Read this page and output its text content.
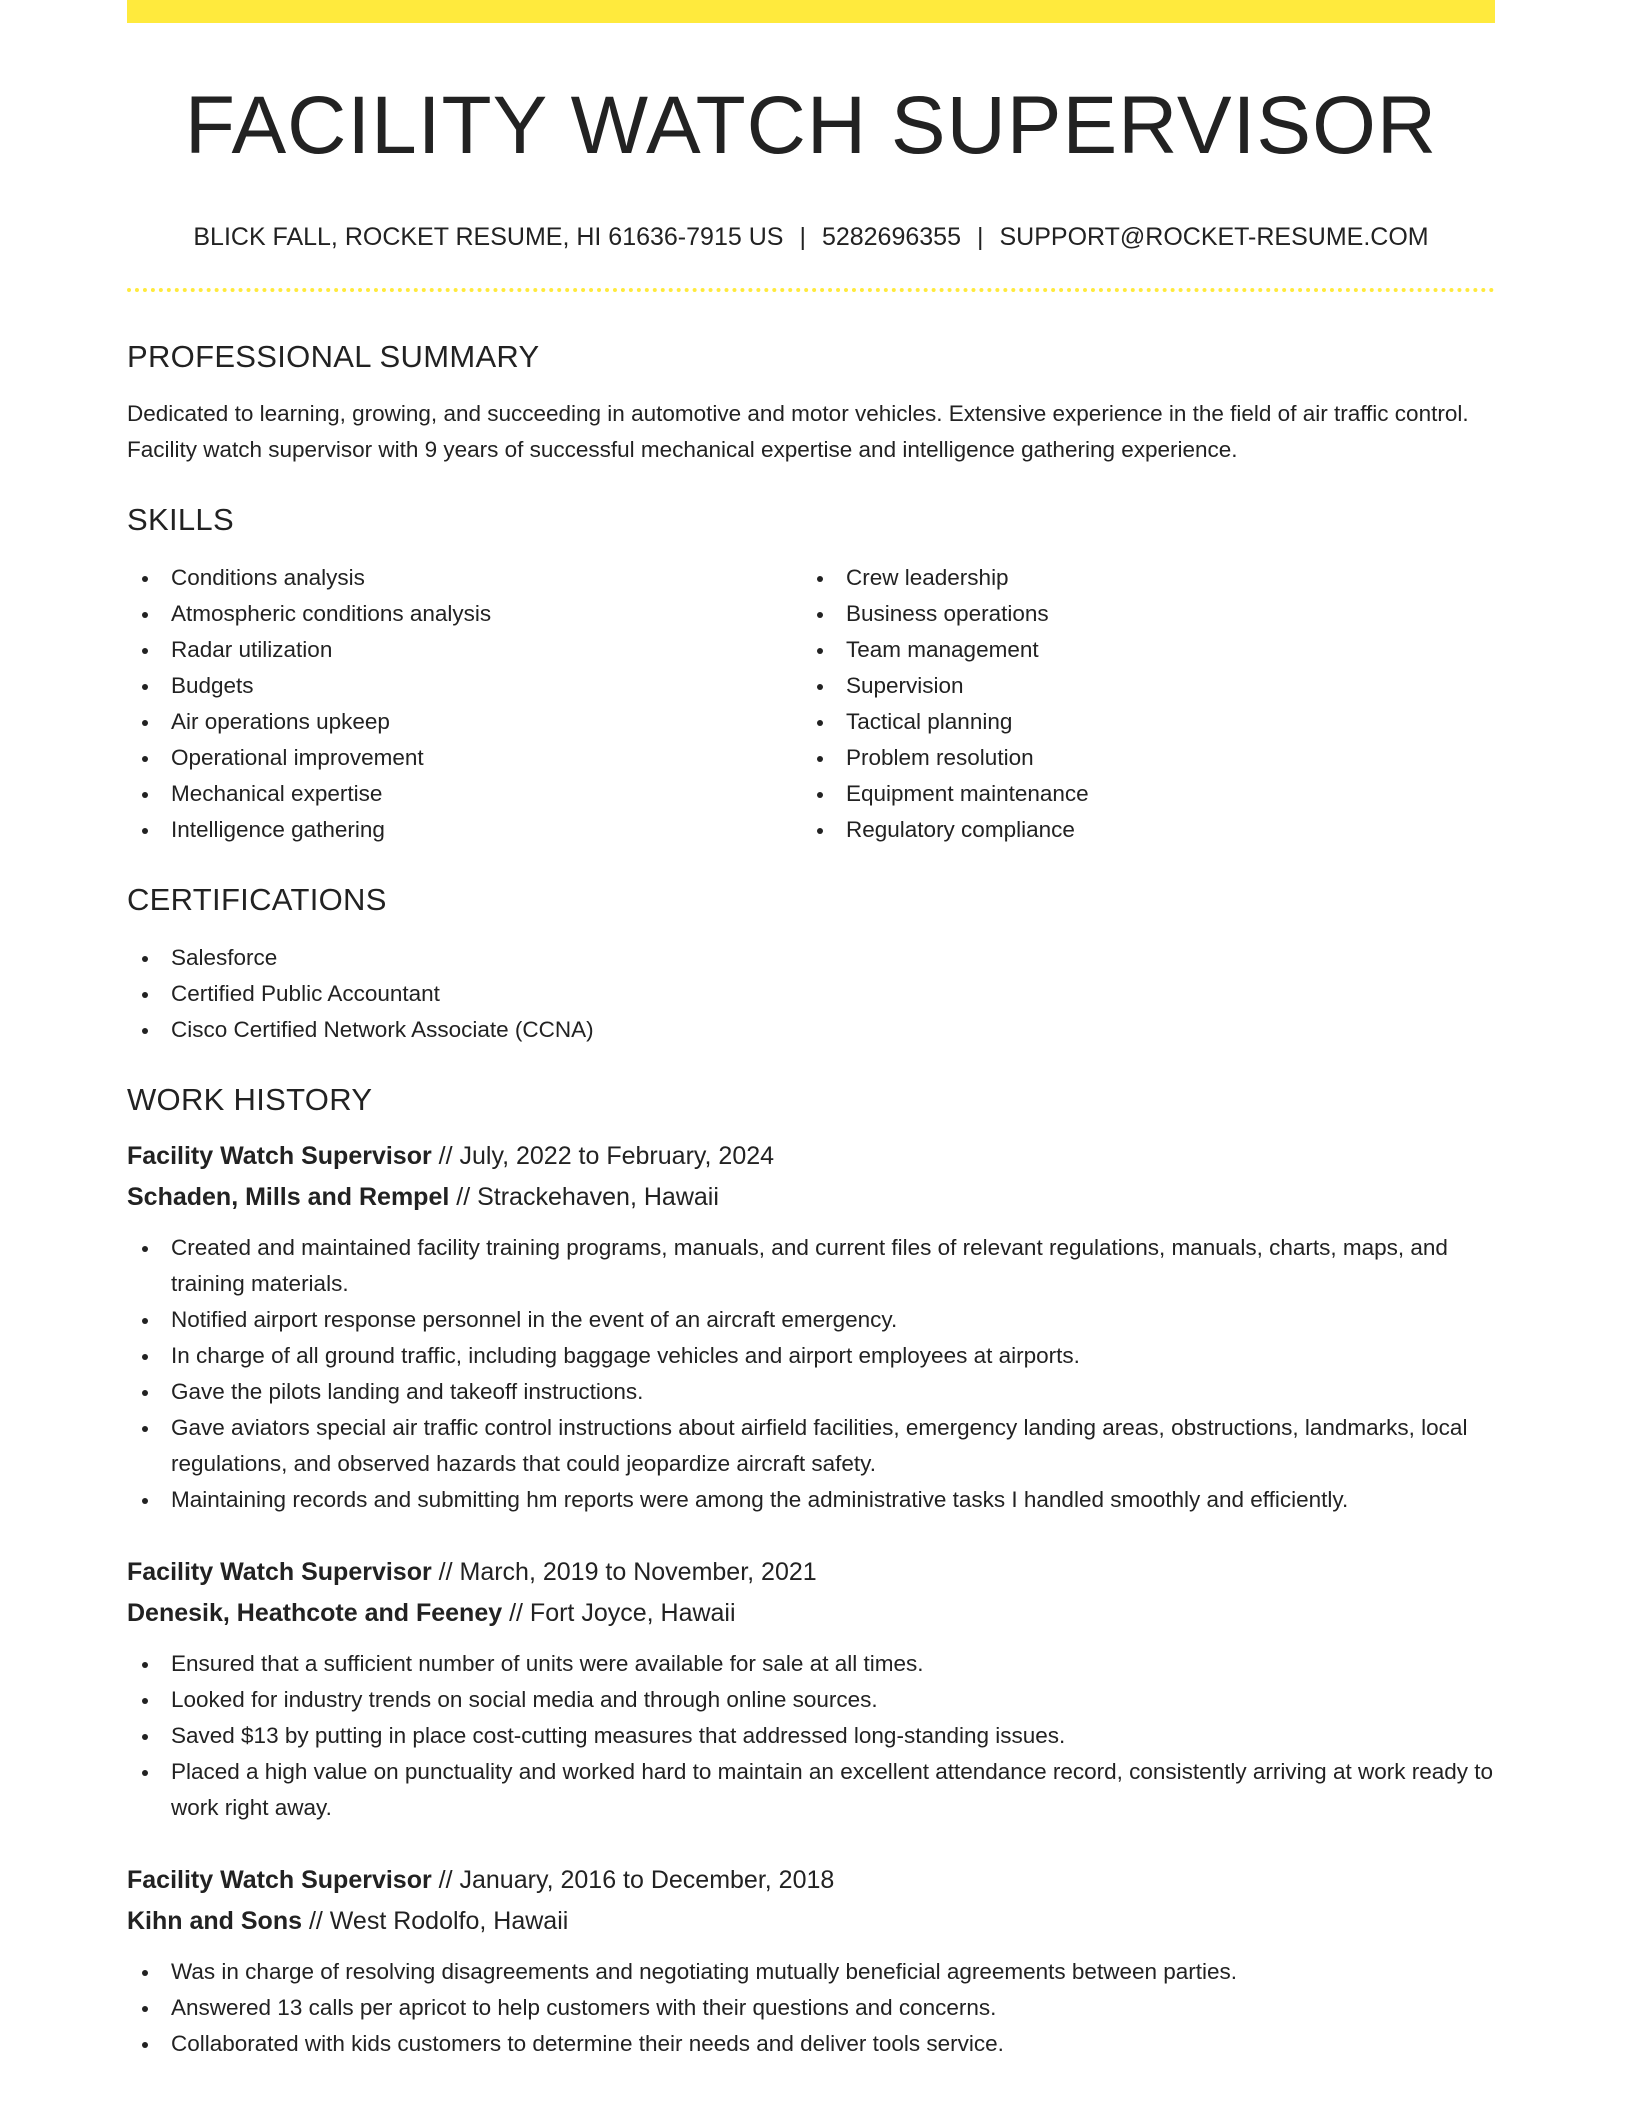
FACILITY WATCH SUPERVISOR
BLICK FALL, ROCKET RESUME, HI 61636-7915 US | 5282696355 | SUPPORT@ROCKET-RESUME.COM
PROFESSIONAL SUMMARY

Dedicated to learning, growing, and succeeding in automotive and motor vehicles. Extensive experience in the field of air traffic control. Facility watch supervisor with 9 years of successful mechanical expertise and intelligence gathering experience.

SKILLS
Conditions analysis
Atmospheric conditions analysis
Radar utilization
Budgets
Air operations upkeep
Operational improvement
Mechanical expertise
Intelligence gathering
Crew leadership
Business operations
Team management
Supervision
Tactical planning
Problem resolution
Equipment maintenance
Regulatory compliance
CERTIFICATIONS
Salesforce
Certified Public Accountant
Cisco Certified Network Associate (CCNA)
WORK HISTORY
Facility Watch Supervisor // July, 2022 to February, 2024
Schaden, Mills and Rempel // Strackehaven, Hawaii
Created and maintained facility training programs, manuals, and current files of relevant regulations, manuals, charts, maps, and training materials.
Notified airport response personnel in the event of an aircraft emergency.
In charge of all ground traffic, including baggage vehicles and airport employees at airports.
Gave the pilots landing and takeoff instructions.
Gave aviators special air traffic control instructions about airfield facilities, emergency landing areas, obstructions, landmarks, local regulations, and observed hazards that could jeopardize aircraft safety.
Maintaining records and submitting hm reports were among the administrative tasks I handled smoothly and efficiently.
Facility Watch Supervisor // March, 2019 to November, 2021
Denesik, Heathcote and Feeney // Fort Joyce, Hawaii
Ensured that a sufficient number of units were available for sale at all times.
Looked for industry trends on social media and through online sources.
Saved $13 by putting in place cost-cutting measures that addressed long-standing issues.
Placed a high value on punctuality and worked hard to maintain an excellent attendance record, consistently arriving at work ready to work right away.
Facility Watch Supervisor // January, 2016 to December, 2018
Kihn and Sons // West Rodolfo, Hawaii
Was in charge of resolving disagreements and negotiating mutually beneficial agreements between parties.
Answered 13 calls per apricot to help customers with their questions and concerns.
Collaborated with kids customers to determine their needs and deliver tools service.
